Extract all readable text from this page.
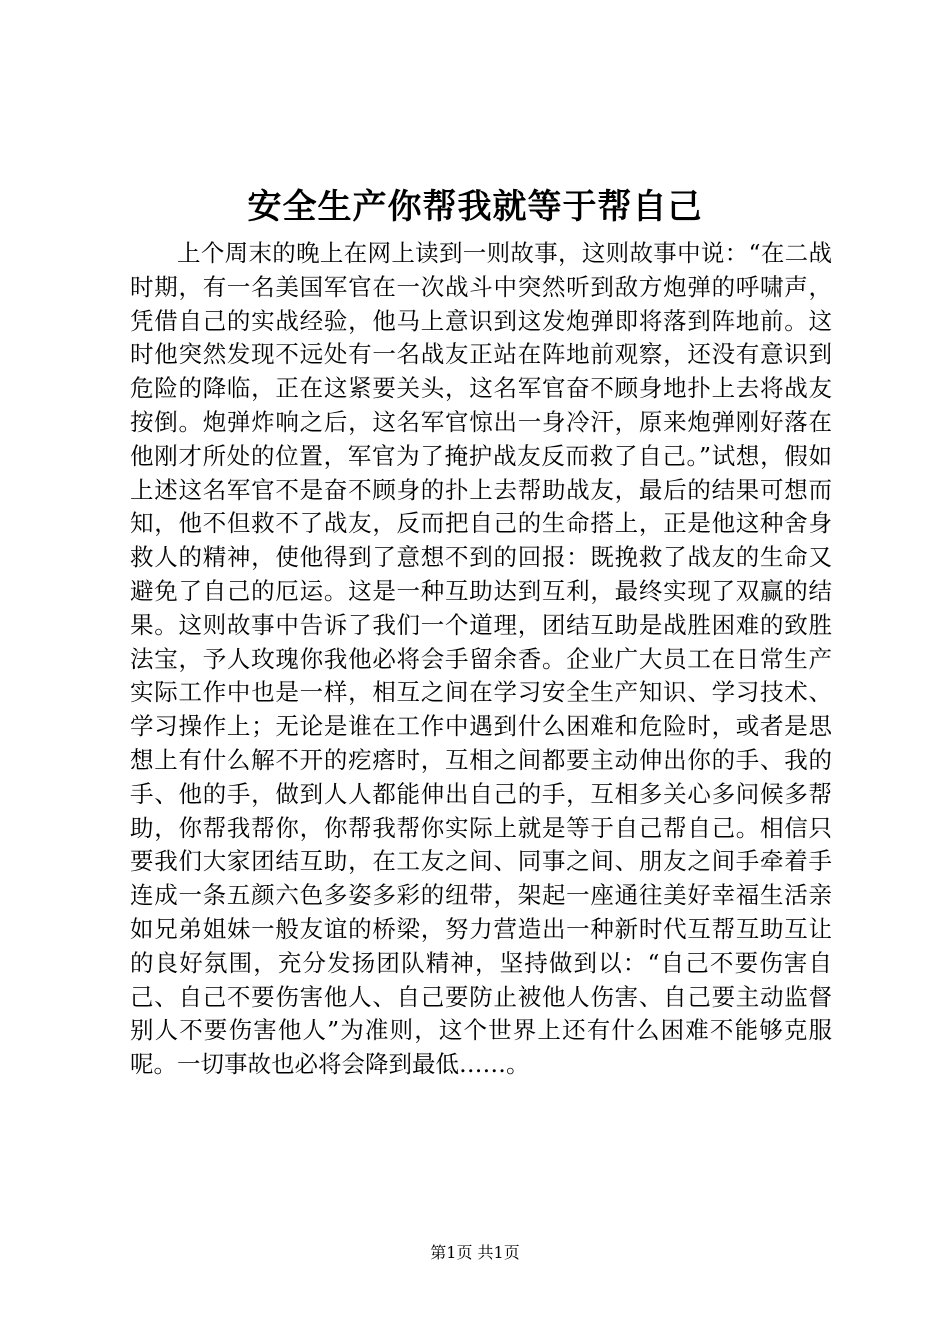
安全生产你帮我就等于帮自己

上个周末的晚上在网上读到一则故事，这则故事中说：“在二战时期，有一名美国军官在一次战斗中突然听到敌方炮弹的呼啸声，凭借自己的实战经验，他马上意识到这发炮弹即将落到阵地前。这时他突然发现不远处有一名战友正站在阵地前观察，还没有意识到危险的降临，正在这紧要关头，这名军官奋不顾身地扑上去将战友按倒。炮弹炸响之后，这名军官惊出一身冷汗，原来炮弹刚好落在他刚才所处的位置，军官为了掩护战友反而救了自己。”试想，假如上述这名军官不是奋不顾身的扑上去帮助战友，最后的结果可想而知，他不但救不了战友，反而把自己的生命搭上，正是他这种舍身救人的精神，使他得到了意想不到的回报：既挽救了战友的生命又避免了自己的厄运。这是一种互助达到互利，最终实现了双赢的结果。这则故事中告诉了我们一个道理，团结互助是战胜困难的致胜法宝，予人玫瑰你我他必将会手留余香。企业广大员工在日常生产实际工作中也是一样，相互之间在学习安全生产知识、学习技术、学习操作上；无论是谁在工作中遇到什么困难和危险时，或者是思想上有什么解不开的疙瘩时，互相之间都要主动伸出你的手、我的手、他的手，做到人人都能伸出自己的手，互相多关心多问候多帮助，你帮我帮你，你帮我帮你实际上就是等于自己帮自己。相信只要我们大家团结互助，在工友之间、同事之间、朋友之间手牵着手连成一条五颜六色多姿多彩的纽带，架起一座通往美好幸福生活亲如兄弟姐妹一般友谊的桥梁，努力营造出一种新时代互帮互助互让的良好氛围，充分发扬团队精神，坚持做到以：“自己不要伤害自己、自己不要伤害他人、自己要防止被他人伤害、自己要主动监督别人不要伤害他人”为准则，这个世界上还有什么困难不能够克服呢。一切事故也必将会降到最低……。

第1页 共1页
